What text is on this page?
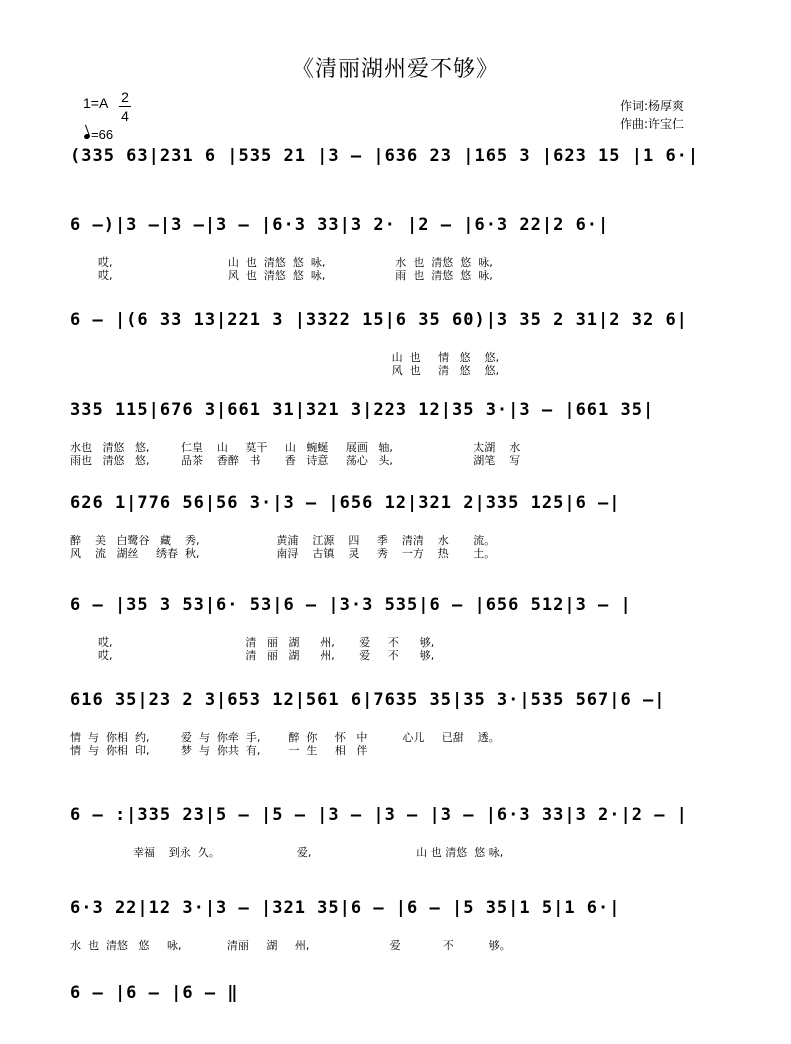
《清丽湖州爱不够》
1=A 2
4
=66
作词:杨厚爽
作曲:许宝仁
(335 63|231 6 |535 21 |3 – |636 23 |165 3 |623 15 |1 6·|
6 –)|3 –|3 –|3 – |6·3 33|3 2· |2 – |6·3 22|2 6·|
哎,                                 山  也  清悠  悠  咏,                    水  也  清悠  悠  咏,
哎,                                 风  也  清悠  悠  咏,                    雨  也  清悠  悠  咏,
6 – |(6 33 13|221 3 |3322 15|6 35 60)|3 35 2 31|2 32 6|
山  也     情   悠    悠,
风  也     清   悠    悠,
335 115|676 3|661 31|321 3|223 12|35 3·|3 – |661 35|
水也   清悠   悠,         仁皇    山     莫干     山   蜿蜒     展画   轴,                       太湖    水
雨也   清悠   悠,         品茶    香醉   书       香   诗意     荡心   头,                       湖笔    写
626 1|776 56|56 3·|3 – |656 12|321 2|335 125|6 –|
醉    美   白鹭谷   藏    秀,                      黄浦    江源    四     季    清清    水       流。
风    流   湖丝     绣春  秋,                      南浔    古镇    灵     秀    一方    热       土。
6 – |35 3 53|6· 53|6 – |3·3 535|6 – |656 512|3 – |
哎,                                      清   丽   湖      州,       爱     不      够,
哎,                                      清   丽   湖      州,       爱     不      够,
616 35|23 2 3|653 12|561 6|7635 35|35 3·|535 567|6 –|
情  与  你相  约,         爱  与  你牵  手,        醉  你     怀   中          心儿     已甜    透。
情  与  你相  印,         梦  与  你共  有,        一  生     相   伴
6 – :|335 23|5 – |5 – |3 – |3 – |3 – |6·3 33|3 2·|2 – |
幸福    到永  久。                      爱,                              山 也 清悠  悠 咏,
6·3 22|12 3·|3 – |321 35|6 – |6 – |5 35|1 5|1 6·|
水  也  清悠   悠     咏,             清丽     湖     州,                       爱            不          够。
6 – |6 – |6 – ‖
